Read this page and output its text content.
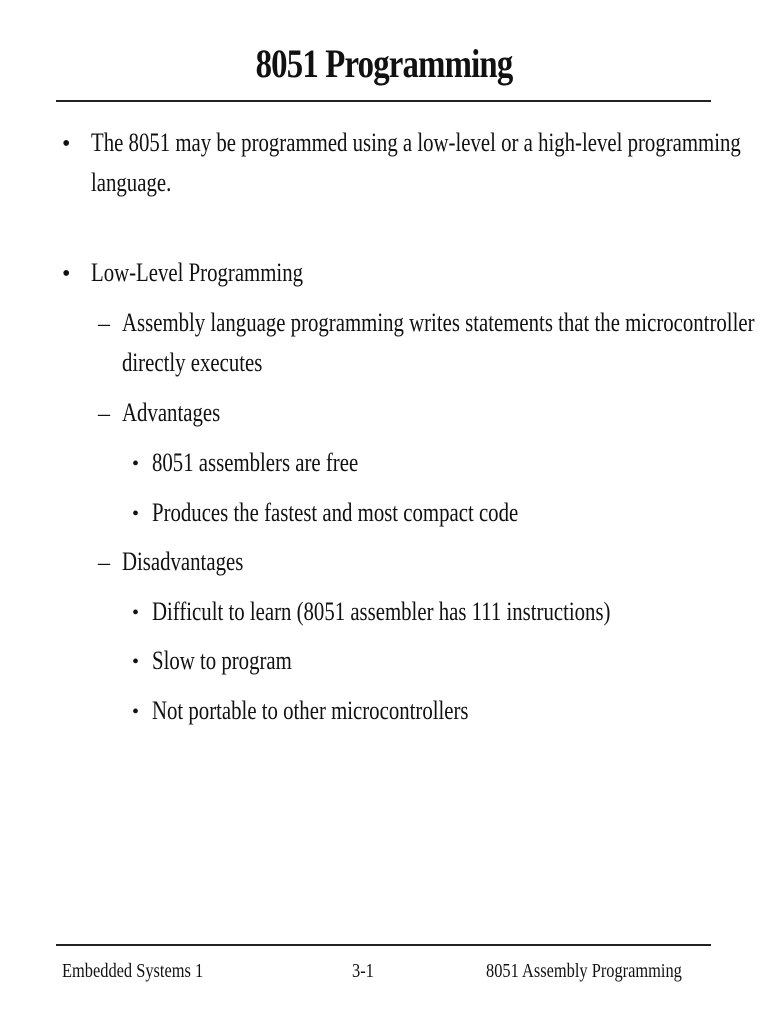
8051 Programming
• The 8051 may be programmed using a low-level or a high-level programming
language.
• Low-Level Programming
– Assembly language programming writes statements that the microcontroller
directly executes
– Advantages
• 8051 assemblers are free
• Produces the fastest and most compact code
– Disadvantages
• Difficult to learn (8051 assembler has 111 instructions)
• Slow to program
• Not portable to other microcontrollers
Embedded Systems 1	3-1	8051 Assembly Programming
